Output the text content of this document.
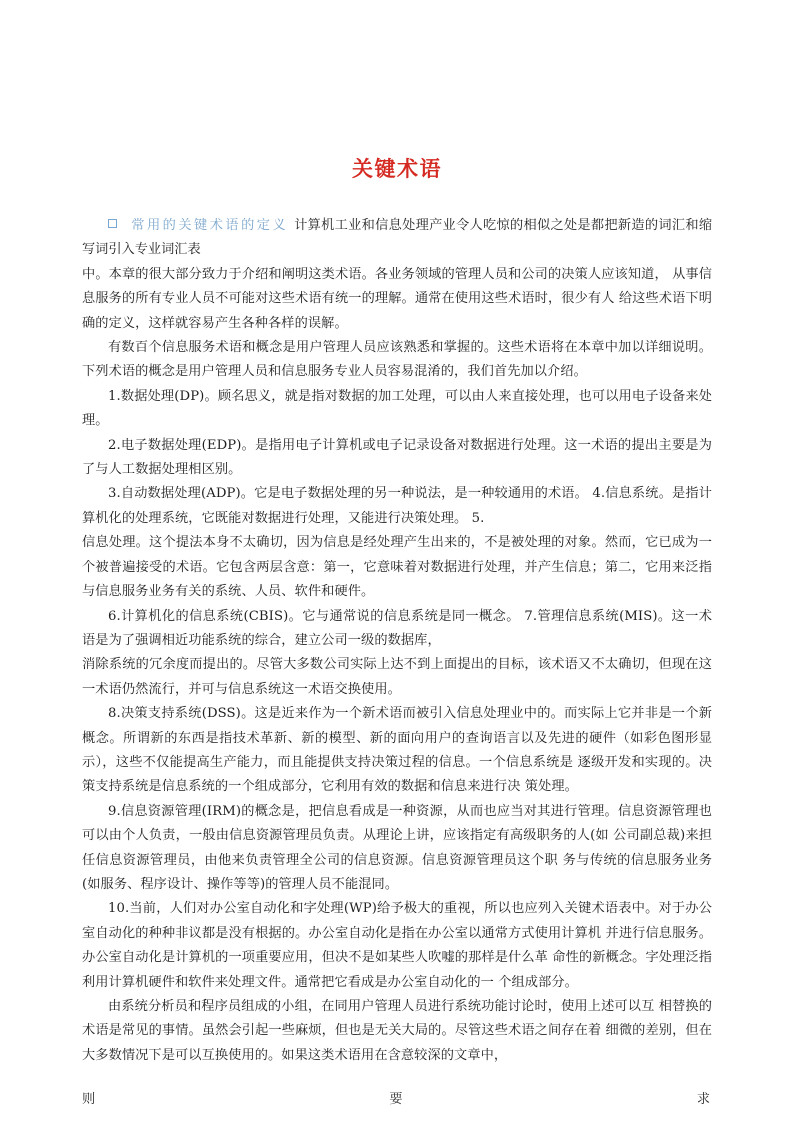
关键术语

常用的关键术语的定义 计算机工业和信息处理产业令人吃惊的相似之处是都把新造的词汇和缩写词引入专业词汇表

中。本章的很大部分致力于介绍和阐明这类术语。各业务领域的管理人员和公司的决策人应该知道， 从事信息服务的所有专业人员不可能对这些术语有统一的理解。通常在使用这些术语时，很少有人 给这些术语下明确的定义，这样就容易产生各种各样的误解。

有数百个信息服务术语和概念是用户管理人员应该熟悉和掌握的。这些术语将在本章中加以详细说明。下列术语的概念是用户管理人员和信息服务专业人员容易混淆的，我们首先加以介绍。

1.数据处理(DP)。顾名思义，就是指对数据的加工处理，可以由人来直接处理，也可以用电子设备来处理。

2.电子数据处理(EDP)。是指用电子计算机或电子记录设备对数据进行处理。这一术语的提出主要是为了与人工数据处理相区别。

3.自动数据处理(ADP)。它是电子数据处理的另一种说法，是一种较通用的术语。 4.信息系统。是指计算机化的处理系统，它既能对数据进行处理，又能进行决策处理。 5.

信息处理。这个提法本身不太确切，因为信息是经处理产生出来的，不是被处理的对象。然而，它已成为一个被普遍接受的术语。它包含两层含意：第一，它意味着对数据进行处理，并产生信息；第二，它用来泛指与信息服务业务有关的系统、人员、软件和硬件。

6.计算机化的信息系统(CBIS)。它与通常说的信息系统是同一概念。 7.管理信息系统(MIS)。这一术语是为了强调相近功能系统的综合，建立公司一级的数据库，

消除系统的冗余度而提出的。尽管大多数公司实际上达不到上面提出的目标，该术语又不太确切，但现在这一术语仍然流行，并可与信息系统这一术语交换使用。

8.决策支持系统(DSS)。这是近来作为一个新术语而被引入信息处理业中的。而实际上它并非是一个新概念。所谓新的东西是指技术革新、新的模型、新的面向用户的查询语言以及先进的硬件（如彩色图形显示），这些不仅能提高生产能力，而且能提供支持决策过程的信息。一个信息系统是 逐级开发和实现的。决策支持系统是信息系统的一个组成部分，它利用有效的数据和信息来进行决 策处理。

9.信息资源管理(IRM)的概念是，把信息看成是一种资源，从而也应当对其进行管理。信息资源管理也可以由个人负责，一般由信息资源管理员负责。从理论上讲，应该指定有高级职务的人(如 公司副总裁)来担任信息资源管理员，由他来负责管理全公司的信息资源。信息资源管理员这个职 务与传统的信息服务业务(如服务、程序设计、操作等等)的管理人员不能混同。

10.当前，人们对办公室自动化和字处理(WP)给予极大的重视，所以也应列入关键术语表中。对于办公室自动化的种种非议都是没有根据的。办公室自动化是指在办公室以通常方式使用计算机 并进行信息服务。办公室自动化是计算机的一项重要应用，但决不是如某些人吹嘘的那样是什么革 命性的新概念。字处理泛指利用计算机硬件和软件来处理文件。通常把它看成是办公室自动化的一 个组成部分。

由系统分析员和程序员组成的小组，在同用户管理人员进行系统功能讨论时，使用上述可以互 相替换的术语是常见的事情。虽然会引起一些麻烦，但也是无关大局的。尽管这些术语之间存在着 细微的差别，但在大多数情况下是可以互换使用的。如果这类术语用在含意较深的文章中，

则	要	求
